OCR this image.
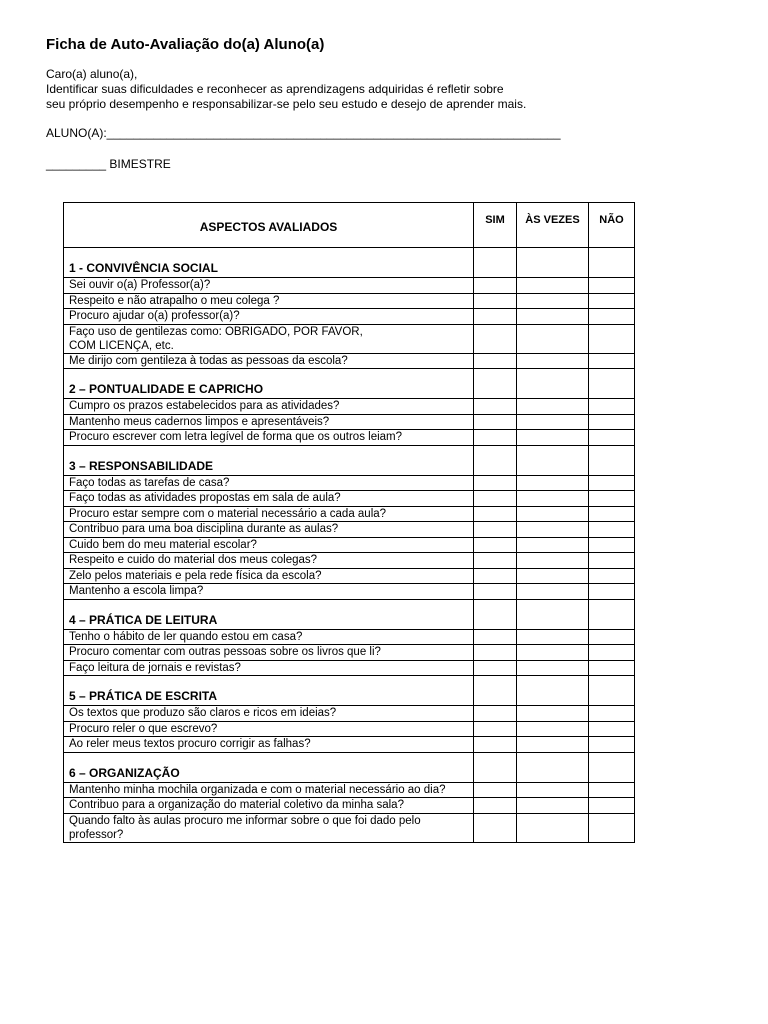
Ficha de Auto-Avaliação do(a) Aluno(a)
Caro(a) aluno(a),
Identificar suas dificuldades e reconhecer as aprendizagens adquiridas é refletir sobre
seu próprio desempenho e responsabilizar-se pelo seu estudo e desejo de aprender mais.
ALUNO(A):____________________________________________________________________
_________ BIMESTRE
ASPECTOS AVALIADOS	SIM	ÀS VEZES	NÃO
1 - CONVIVÊNCIA SOCIAL			
Sei ouvir o(a) Professor(a)?	

Respeito e não atrapalho o meu colega ?	

Procuro ajudar o(a) professor(a)?	

Faço uso de gentilezas como: OBRIGADO, POR FAVOR,
COM LICENÇA, etc.	

Me dirijo com gentileza à todas as pessoas da escola?	

2 – PONTUALIDADE E CAPRICHO			
Cumpro os prazos estabelecidos para as atividades?	

Mantenho meus cadernos limpos e apresentáveis?	

Procuro escrever com letra legível de forma que os outros leiam?	

3 – RESPONSABILIDADE			
Faço todas as tarefas de casa?	

Faço todas as atividades propostas em sala de aula?	

Procuro estar sempre com o material necessário a cada aula?	

Contribuo para uma boa disciplina durante as aulas?	

Cuido bem do meu material escolar?	

Respeito e cuido do material dos meus colegas?	

Zelo pelos materiais e pela rede física da escola?	

Mantenho a escola limpa?	

4 – PRÁTICA DE LEITURA			
Tenho o hábito de ler quando estou em casa?	

Procuro comentar com outras pessoas sobre os livros que li?	

Faço leitura de jornais e revistas?	

5 – PRÁTICA DE ESCRITA			
Os textos que produzo são claros e ricos em ideias?	

Procuro reler o que escrevo?	

Ao reler meus textos procuro corrigir as falhas?	

6 – ORGANIZAÇÃO			
Mantenho minha mochila organizada e com o material necessário ao dia?	

Contribuo para a organização do material coletivo da minha sala?	

Quando falto às aulas procuro me informar sobre o que foi dado pelo professor?	
